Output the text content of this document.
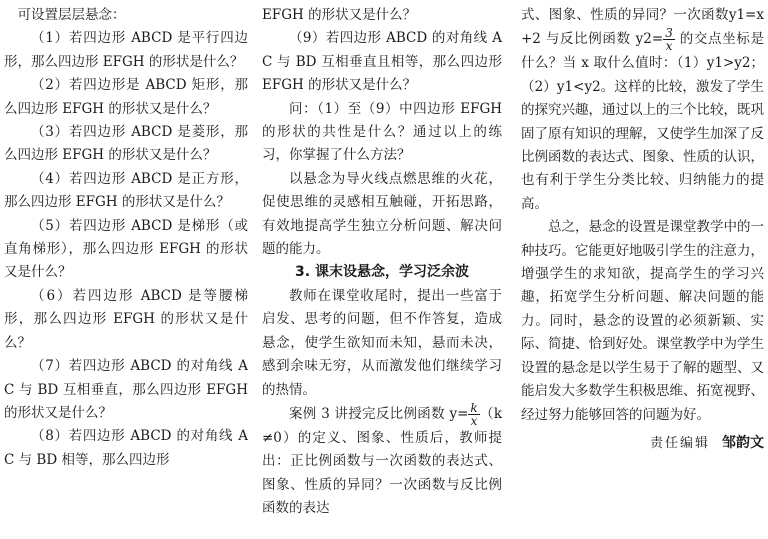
可设置层层悬念：

（1）若四边形 ABCD 是平行四边形，那么四边形 EFGH 的形状是什么？

（2）若四边形是 ABCD 矩形，那么四边形 EFGH 的形状又是什么？

（3）若四边形 ABCD 是菱形，那么四边形 EFGH 的形状又是什么？

（4）若四边形 ABCD 是正方形，那么四边形 EFGH 的形状又是什么？

（5）若四边形 ABCD 是梯形（或直角梯形），那么四边形 EFGH 的形状又是什么？

（6）若四边形 ABCD 是等腰梯形，那么四边形 EFGH 的形状又是什么？

（7）若四边形 ABCD 的对角线 AC 与 BD 互相垂直，那么四边形 EFGH 的形状又是什么？

（8）若四边形 ABCD 的对角线 AC 与 BD 相等，那么四边形

EFGH 的形状又是什么？

（9）若四边形 ABCD 的对角线 AC 与 BD 互相垂直且相等，那么四边形 EFGH 的形状又是什么？

问：（1）至（9）中四边形 EFGH 的形状的共性是什么？通过以上的练习，你掌握了什么方法？

以悬念为导火线点燃思维的火花，促使思维的灵感相互触碰，开拓思路，有效地提高学生独立分析问题、解决问题的能力。

3. 课末设悬念，学习泛余波

教师在课堂收尾时，提出一些富于启发、思考的问题，但不作答复，造成悬念，使学生欲知而未知，悬而未决，感到余味无穷，从而激发他们继续学习的热情。

案例 3 讲授完反比例函数 $y= \frac{k}{x} (k\ne 0)$的定义、图象、性质后，教师提出：正比例函数与一次函数的表达式、图象、性质的异同？一次函数与反比例函数的表达

式、图象、性质的异同？一次函数y1=x+2 与反比例函数 $y2= \frac{3}{x}$ 的交点坐标是什么？当 x 取什么值时：（1）y1>y2；（2）y1<y2。这样的比较，激发了学生的探究兴趣，通过以上的三个比较，既巩固了原有知识的理解，又使学生加深了反比例函数的表达式、图象、性质的认识，也有利于学生分类比较、归纳能力的提高。

总之，悬念的设置是课堂教学中的一种技巧。它能更好地吸引学生的注意力，增强学生的求知欲，提高学生的学习兴趣，拓宽学生分析问题、解决问题的能力。同时，悬念的设置的必须新颖、实际、简捷、恰到好处。课堂教学中为学生设置的悬念是以学生易于了解的题型、又能启发大多数学生积极思维、拓宽视野、经过努力能够回答的问题为好。

责任编辑 邹韵文
